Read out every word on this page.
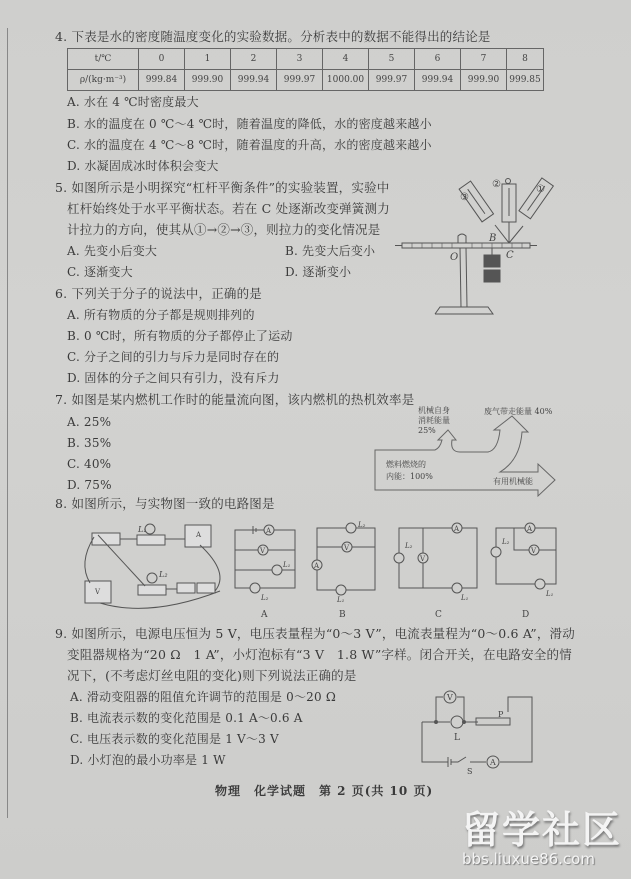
4. 下表是水的密度随温度变化的实验数据。分析表中的数据不能得出的结论是
t/℃	0	1	2	3	4	5	6	7	8
ρ/(kg·m⁻³)	999.84	999.90	999.94	999.97	1000.00	999.97	999.94	999.90	999.85
A. 水在 4 ℃时密度最大
B. 水的温度在 0 ℃～4 ℃时，随着温度的降低，水的密度越来越小
C. 水的温度在 4 ℃～8 ℃时，随着温度的升高，水的密度越来越小
D. 水凝固成冰时体积会变大
5. 如图所示是小明探究“杠杆平衡条件”的实验装置，实验中
杠杆始终处于水平平衡状态。若在 C 处逐渐改变弹簧测力
计拉力的方向，使其从①→②→③，则拉力的变化情况是
A. 先变小后变大	B. 先变大后变小
C. 逐渐变大	D. 逐渐变小
③
②	①
O
B
C
6. 下列关于分子的说法中，正确的是
A. 所有物质的分子都是规则排列的
B. 0 ℃时，所有物质的分子都停止了运动
C. 分子之间的引力与斥力是同时存在的
D. 固体的分子之间只有引力，没有斥力
7. 如图是某内燃机工作时的能量流向图，该内燃机的热机效率是
A. 25%
B. 35%
C. 40%
D. 75%
机械自身
消耗能量
25%
废气带走能量 40%
燃料燃烧的
内能：100%
有用机械能
8. 如图所示，与实物图一致的电路图是
L₁
L₂
A
V
A
V
L₁
L₂
A
V
A
L₂
L₁
B
V
A
L₂
L₁
C
A
V
L₂
L₁
D
9. 如图所示，电源电压恒为 5 V，电压表量程为“0～3 V”，电流表量程为“0～0.6 A”，滑动
变阻器规格为“20 Ω　1 A”，小灯泡标有“3 V　1.8 W”字样。闭合开关，在电路安全的情
况下，(不考虑灯丝电阻的变化)则下列说法正确的是
A. 滑动变阻器的阻值允许调节的范围是 0～20 Ω
B. 电流表示数的变化范围是 0.1 A～0.6 A
C. 电压表示数的变化范围是 1 V～3 V
D. 小灯泡的最小功率是 1 W
V
L
P
S
A
物理　化学试题　第 2 页(共 10 页)
留学社区
bbs.liuxue86.com
